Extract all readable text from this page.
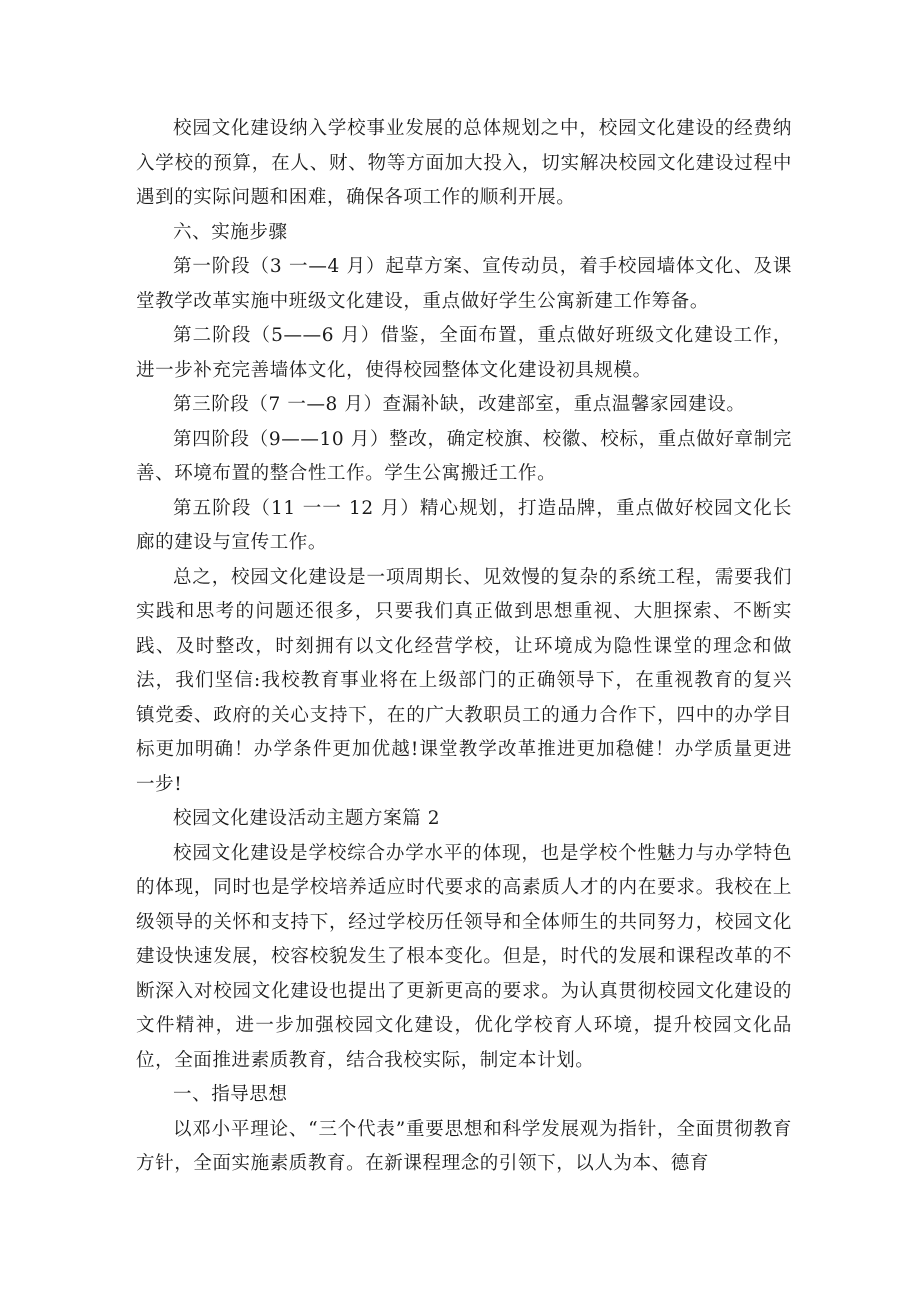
校园文化建设纳入学校事业发展的总体规划之中，校园文化建设的经费纳入学校的预算，在人、财、物等方面加大投入，切实解决校园文化建设过程中遇到的实际问题和困难，确保各项工作的顺利开展。

六、实施步骤

第一阶段（3 一—4 月）起草方案、宣传动员，着手校园墙体文化、及课堂教学改革实施中班级文化建设，重点做好学生公寓新建工作筹备。

第二阶段（5——6 月）借鉴，全面布置，重点做好班级文化建设工作，进一步补充完善墙体文化，使得校园整体文化建设初具规模。

第三阶段（7 一—8 月）查漏补缺，改建部室，重点温馨家园建设。

第四阶段（9——10 月）整改，确定校旗、校徽、校标，重点做好章制完善、环境布置的整合性工作。学生公寓搬迁工作。

第五阶段（11 一一 12 月）精心规划，打造品牌，重点做好校园文化长廊的建设与宣传工作。

总之，校园文化建设是一项周期长、见效慢的复杂的系统工程，需要我们实践和思考的问题还很多，只要我们真正做到思想重视、大胆探索、不断实践、及时整改，时刻拥有以文化经营学校，让环境成为隐性课堂的理念和做法，我们坚信:我校教育事业将在上级部门的正确领导下，在重视教育的复兴镇党委、政府的关心支持下，在的广大教职员工的通力合作下，四中的办学目标更加明确！办学条件更加优越!课堂教学改革推进更加稳健！办学质量更进一步!

校园文化建设活动主题方案篇 2

校园文化建设是学校综合办学水平的体现，也是学校个性魅力与办学特色的体现，同时也是学校培养适应时代要求的高素质人才的内在要求。我校在上级领导的关怀和支持下，经过学校历任领导和全体师生的共同努力，校园文化建设快速发展，校容校貌发生了根本变化。但是，时代的发展和课程改革的不断深入对校园文化建设也提出了更新更高的要求。为认真贯彻校园文化建设的文件精神，进一步加强校园文化建设，优化学校育人环境，提升校园文化品位，全面推进素质教育，结合我校实际，制定本计划。

一、指导思想

以邓小平理论、“三个代表”重要思想和科学发展观为指针，全面贯彻教育方针，全面实施素质教育。在新课程理念的引领下，以人为本、德育
